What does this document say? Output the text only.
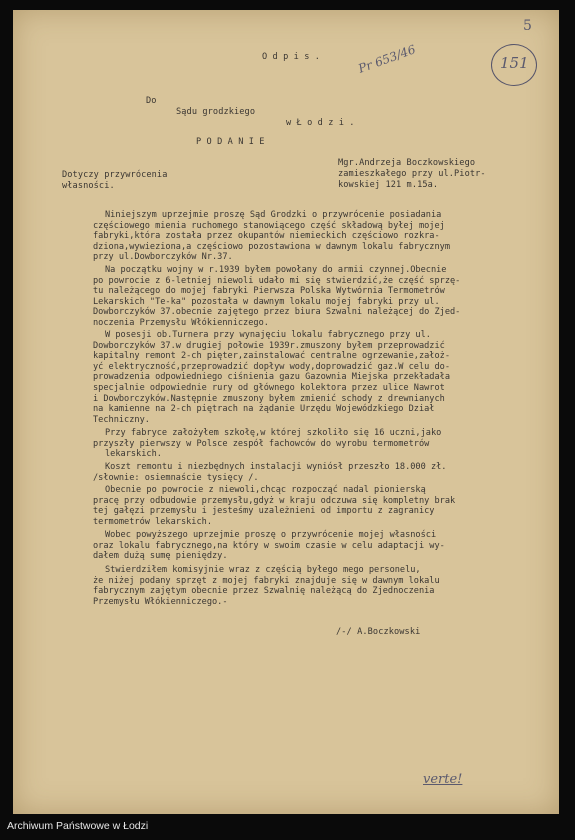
5
151
Pr 653/46
O d p i s .
Do
Sądu grodzkiego
w Ł o d z i .
P O D A N I E
Dotyczy przywrócenia
własności.
Mgr.Andrzeja Boczkowskiego
zamieszkałego przy ul.Piotr-
kowskiej 121 m.15a.
Niniejszym uprzejmie proszę Sąd Grodzki o przywrócenie posiadania
częściowego mienia ruchomego stanowiącego część składową byłej mojej
fabryki,która została przez okupantów niemieckich częściowo rozkra-
dziona,wywieziona,a częściowo pozostawiona w dawnym lokalu fabrycznym
przy ul.Dowborczyków Nr.37.
Na początku wojny w r.1939 byłem powołany do armii czynnej.Obecnie
po powrocie z 6-letniej niewoli udało mi się stwierdzić,że część sprzę-
tu należącego do mojej fabryki Pierwsza Polska Wytwórnia Termometrów
Lekarskich "Te-ka" pozostała w dawnym lokalu mojej fabryki przy ul.
Dowborczyków 37.obecnie zajętego przez biura Szwalni należącej do Zjed-
noczenia Przemysłu Włókienniczego.
W posesji ob.Turnera przy wynajęciu lokalu fabrycznego przy ul.
Dowborczyków 37.w drugiej połowie 1939r.zmuszony byłem przeprowadzić
kapitalny remont 2-ch pięter,zainstalować centralne ogrzewanie,założ-
yć elektryczność,przeprowadzić dopływ wody,doprowadzić gaz.W celu do-
prowadzenia odpowiedniego ciśnienia gazu Gazownia Miejska przekładała
specjalnie odpowiednie rury od głównego kolektora przez ulice Nawrot
i Dowborczyków.Następnie zmuszony byłem zmienić schody z drewnianych
na kamienne na 2-ch piętrach na żądanie Urzędu Wojewódzkiego Dział
Techniczny.
Przy fabryce założyłem szkołę,w której szkoliło się 16 uczni,jako
przyszły pierwszy w Polsce zespół fachowców do wyrobu termometrów
lekarskich.
Koszt remontu i niezbędnych instalacji wyniósł przeszło 18.000 zł.
/słownie: osiemnaście tysięcy /.
Obecnie po powrocie z niewoli,chcąc rozpocząć nadal pionierską
pracę przy odbudowie przemysłu,gdyż w kraju odczuwa się kompletny brak
tej gałęzi przemysłu i jesteśmy uzależnieni od importu z zagranicy
termometrów lekarskich.
Wobec powyższego uprzejmie proszę o przywrócenie mojej własności
oraz lokalu fabrycznego,na który w swoim czasie w celu adaptacji wy-
dałem dużą sumę pieniędzy.
Stwierdziłem komisyjnie wraz z częścią byłego mego personelu,
że niżej podany sprzęt z mojej fabryki znajduje się w dawnym lokalu
fabrycznym zajętym obecnie przez Szwalnię należącą do Zjednoczenia
Przemysłu Włókienniczego.-
/-/ A.Boczkowski
verte!
Archiwum Państwowe w Łodzi
